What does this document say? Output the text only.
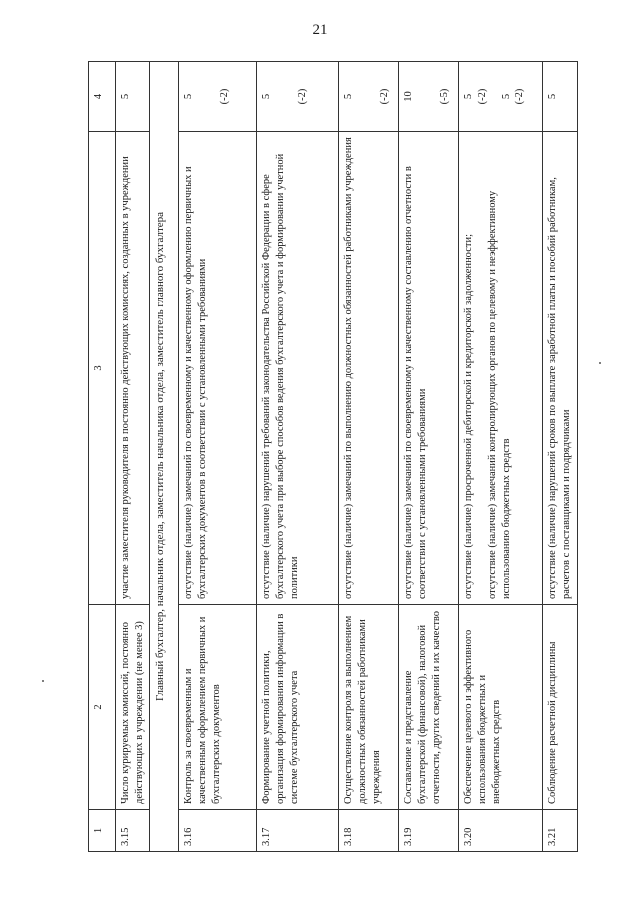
21
1	2	3	4
3.15	Число курируемых комиссий, постоянно действующих в учреждении (не менее 3)	участие заместителя руководителя в постоянно действующих комиссиях, созданных в учреждении	5

Главный бухгалтер, начальник отдела, заместитель начальника отдела, заместитель главного бухгалтера			
3.16	Контроль за своевременным и качественным оформлением первичных и бухгалтерских документов	отсутствие (наличие) замечаний по своевременному и качественному оформлению первичных и бухгалтерских документов в соответствии с установленными требованиями	5 (-2)

3.17	Формирование учетной политики, организация формирования информации в системе бухгалтерского учета	отсутствие (наличие) нарушений требований законодательства Российской Федерации в сфере бухгалтерского учета при выборе способов ведения бухгалтерского учета и формировании учетной политики	5 (-2)

3.18	Осуществление контроля за выполнением должностных обязанностей работниками учреждения	отсутствие (наличие) замечаний по выполнению должностных обязанностей работниками учреждения	5 (-2)

3.19	Составление и представление бухгалтерской (финансовой), налоговой отчетности, других сведений и их качество	отсутствие (наличие) замечаний по своевременному и качественному составлению отчетности в соответствии с установленными требованиями	10 (-5)

3.20	Обеспечение целевого и эффективного использования бюджетных и внебюджетных средств	отсутствие (наличие) просроченной дебиторской и кредиторской задолженности; отсутствие (наличие) замечаний контролирующих органов по целевому и неэффективному использованию бюджетных средств	5 (-2) 5 (-2)

3.21	Соблюдение расчетной дисциплины	отсутствие (наличие) нарушений сроков по выплате заработной платы и пособий работникам, расчетов с поставщиками и подрядчиками	5
